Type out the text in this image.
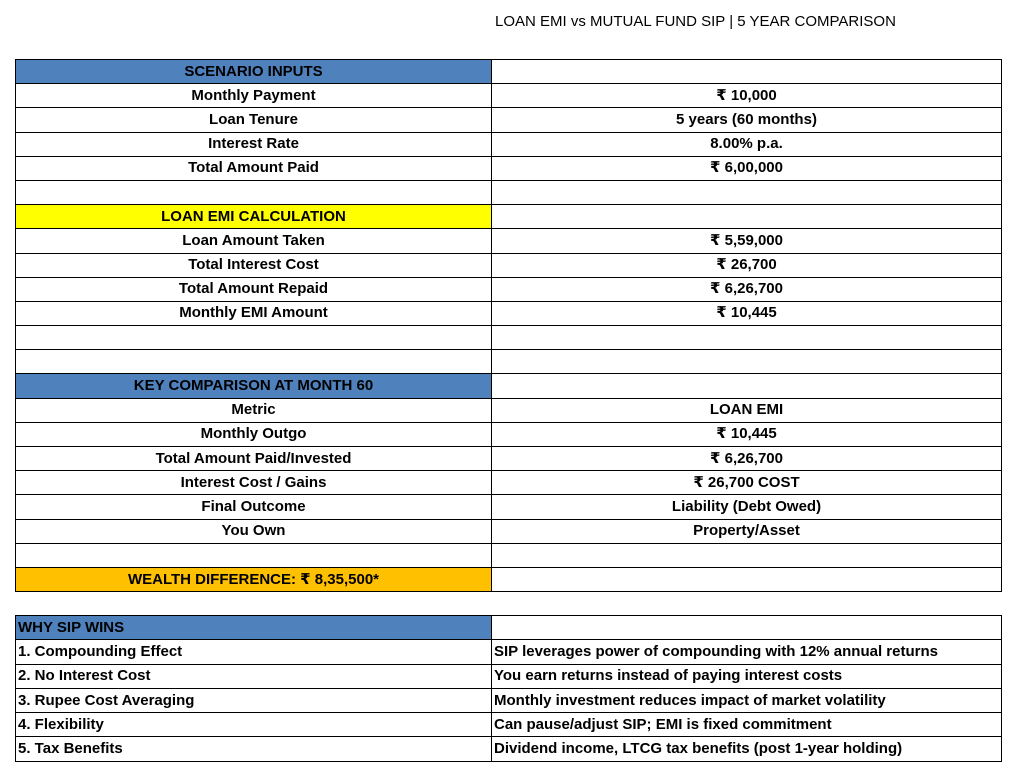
LOAN EMI vs MUTUAL FUND SIP | 5 YEAR COMPARISON
SCENARIO INPUTS	
Monthly Payment	₹ 10,000
Loan Tenure	5 years (60 months)
Interest Rate	8.00% p.a.
Total Amount Paid	₹ 6,00,000

LOAN EMI CALCULATION	
Loan Amount Taken	₹ 5,59,000
Total Interest Cost	₹ 26,700
Total Amount Repaid	₹ 6,26,700
Monthly EMI Amount	₹ 10,445

KEY COMPARISON AT MONTH 60	
Metric	LOAN EMI
Monthly Outgo	₹ 10,445
Total Amount Paid/Invested	₹ 6,26,700
Interest Cost / Gains	₹ 26,700 COST
Final Outcome	Liability (Debt Owed)
You Own	Property/Asset

WEALTH DIFFERENCE: ₹ 8,35,500*	
WHY SIP WINS	
1. Compounding Effect	SIP leverages power of compounding with 12% annual returns
2. No Interest Cost	You earn returns instead of paying interest costs
3. Rupee Cost Averaging	Monthly investment reduces impact of market volatility
4. Flexibility	Can pause/adjust SIP; EMI is fixed commitment
5. Tax Benefits	Dividend income, LTCG tax benefits (post 1-year holding)
